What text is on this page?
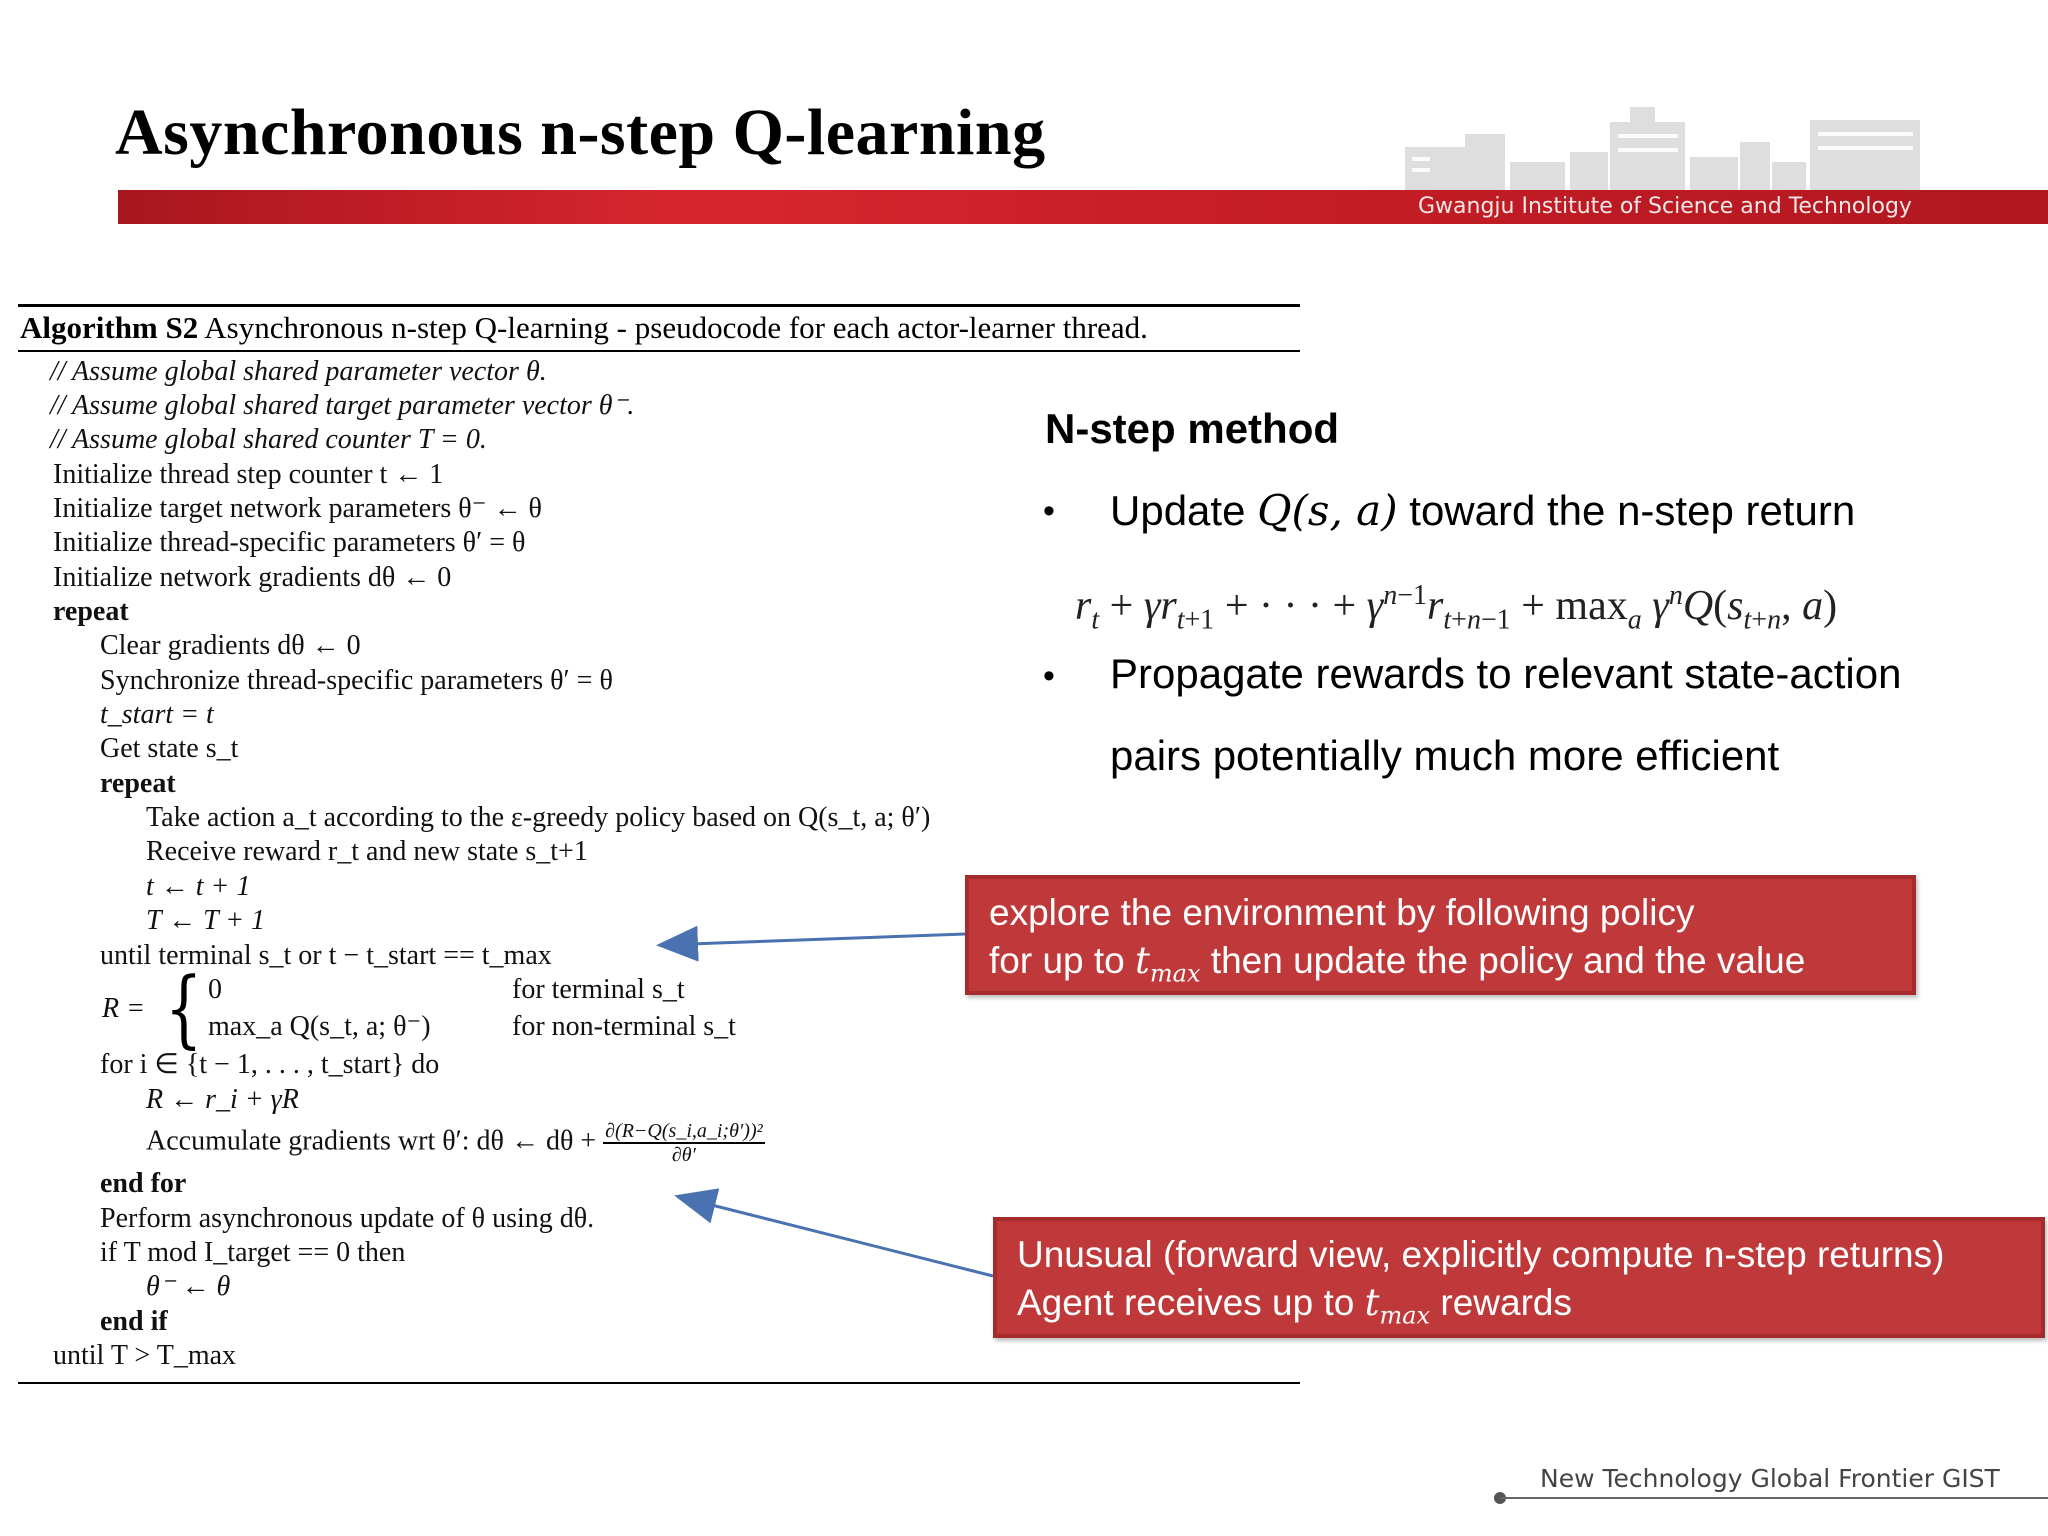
Asynchronous n-step Q-learning
Gwangju Institute of Science and Technology
Algorithm S2 Asynchronous n-step Q-learning - pseudocode for each actor-learner thread.
// Assume global shared parameter vector θ.
// Assume global shared target parameter vector θ⁻.
// Assume global shared counter T = 0.
Initialize thread step counter t ← 1
Initialize target network parameters θ⁻ ← θ
Initialize thread-specific parameters θ′ = θ
Initialize network gradients dθ ← 0
repeat
Clear gradients dθ ← 0
Synchronize thread-specific parameters θ′ = θ
t_start = t
Get state s_t
repeat
Take action a_t according to the ε-greedy policy based on Q(s_t, a; θ′)
Receive reward r_t and new state s_t+1
t ← t + 1
T ← T + 1
until terminal s_t or t − t_start == t_max
R = { 0	for terminal s_t
max_a Q(s_t, a; θ⁻)	for non-terminal s_t
for i ∈ {t − 1, . . . , t_start} do
R ← r_i + γR
Accumulate gradients wrt θ′: dθ ← $d\theta + \frac{\text{∂(R−Q(s\_i,a\_i;θ′))²}}{\partial\theta'}$
end for
Perform asynchronous update of θ using dθ.
if T mod I_target == 0 then
θ⁻ ← θ
end if
until T > T_max
N-step method
• Update Q(s, a) toward the n-step return
$r_t + \gamma r_{t+1}$ + · · · + $\gamma^{n-1}r_{t+n-1} + \max_a \gamma^nQ(s_{t+n}$, a)
• Propagate rewards to relevant state-action
pairs potentially much more efficient
explore the environment by following policy
for up to $t_{max}$ then update the policy and the value
Unusual (forward view, explicitly compute n-step returns)
Agent receives up to $t_{max}$ rewards
New Technology Global Frontier GIST
